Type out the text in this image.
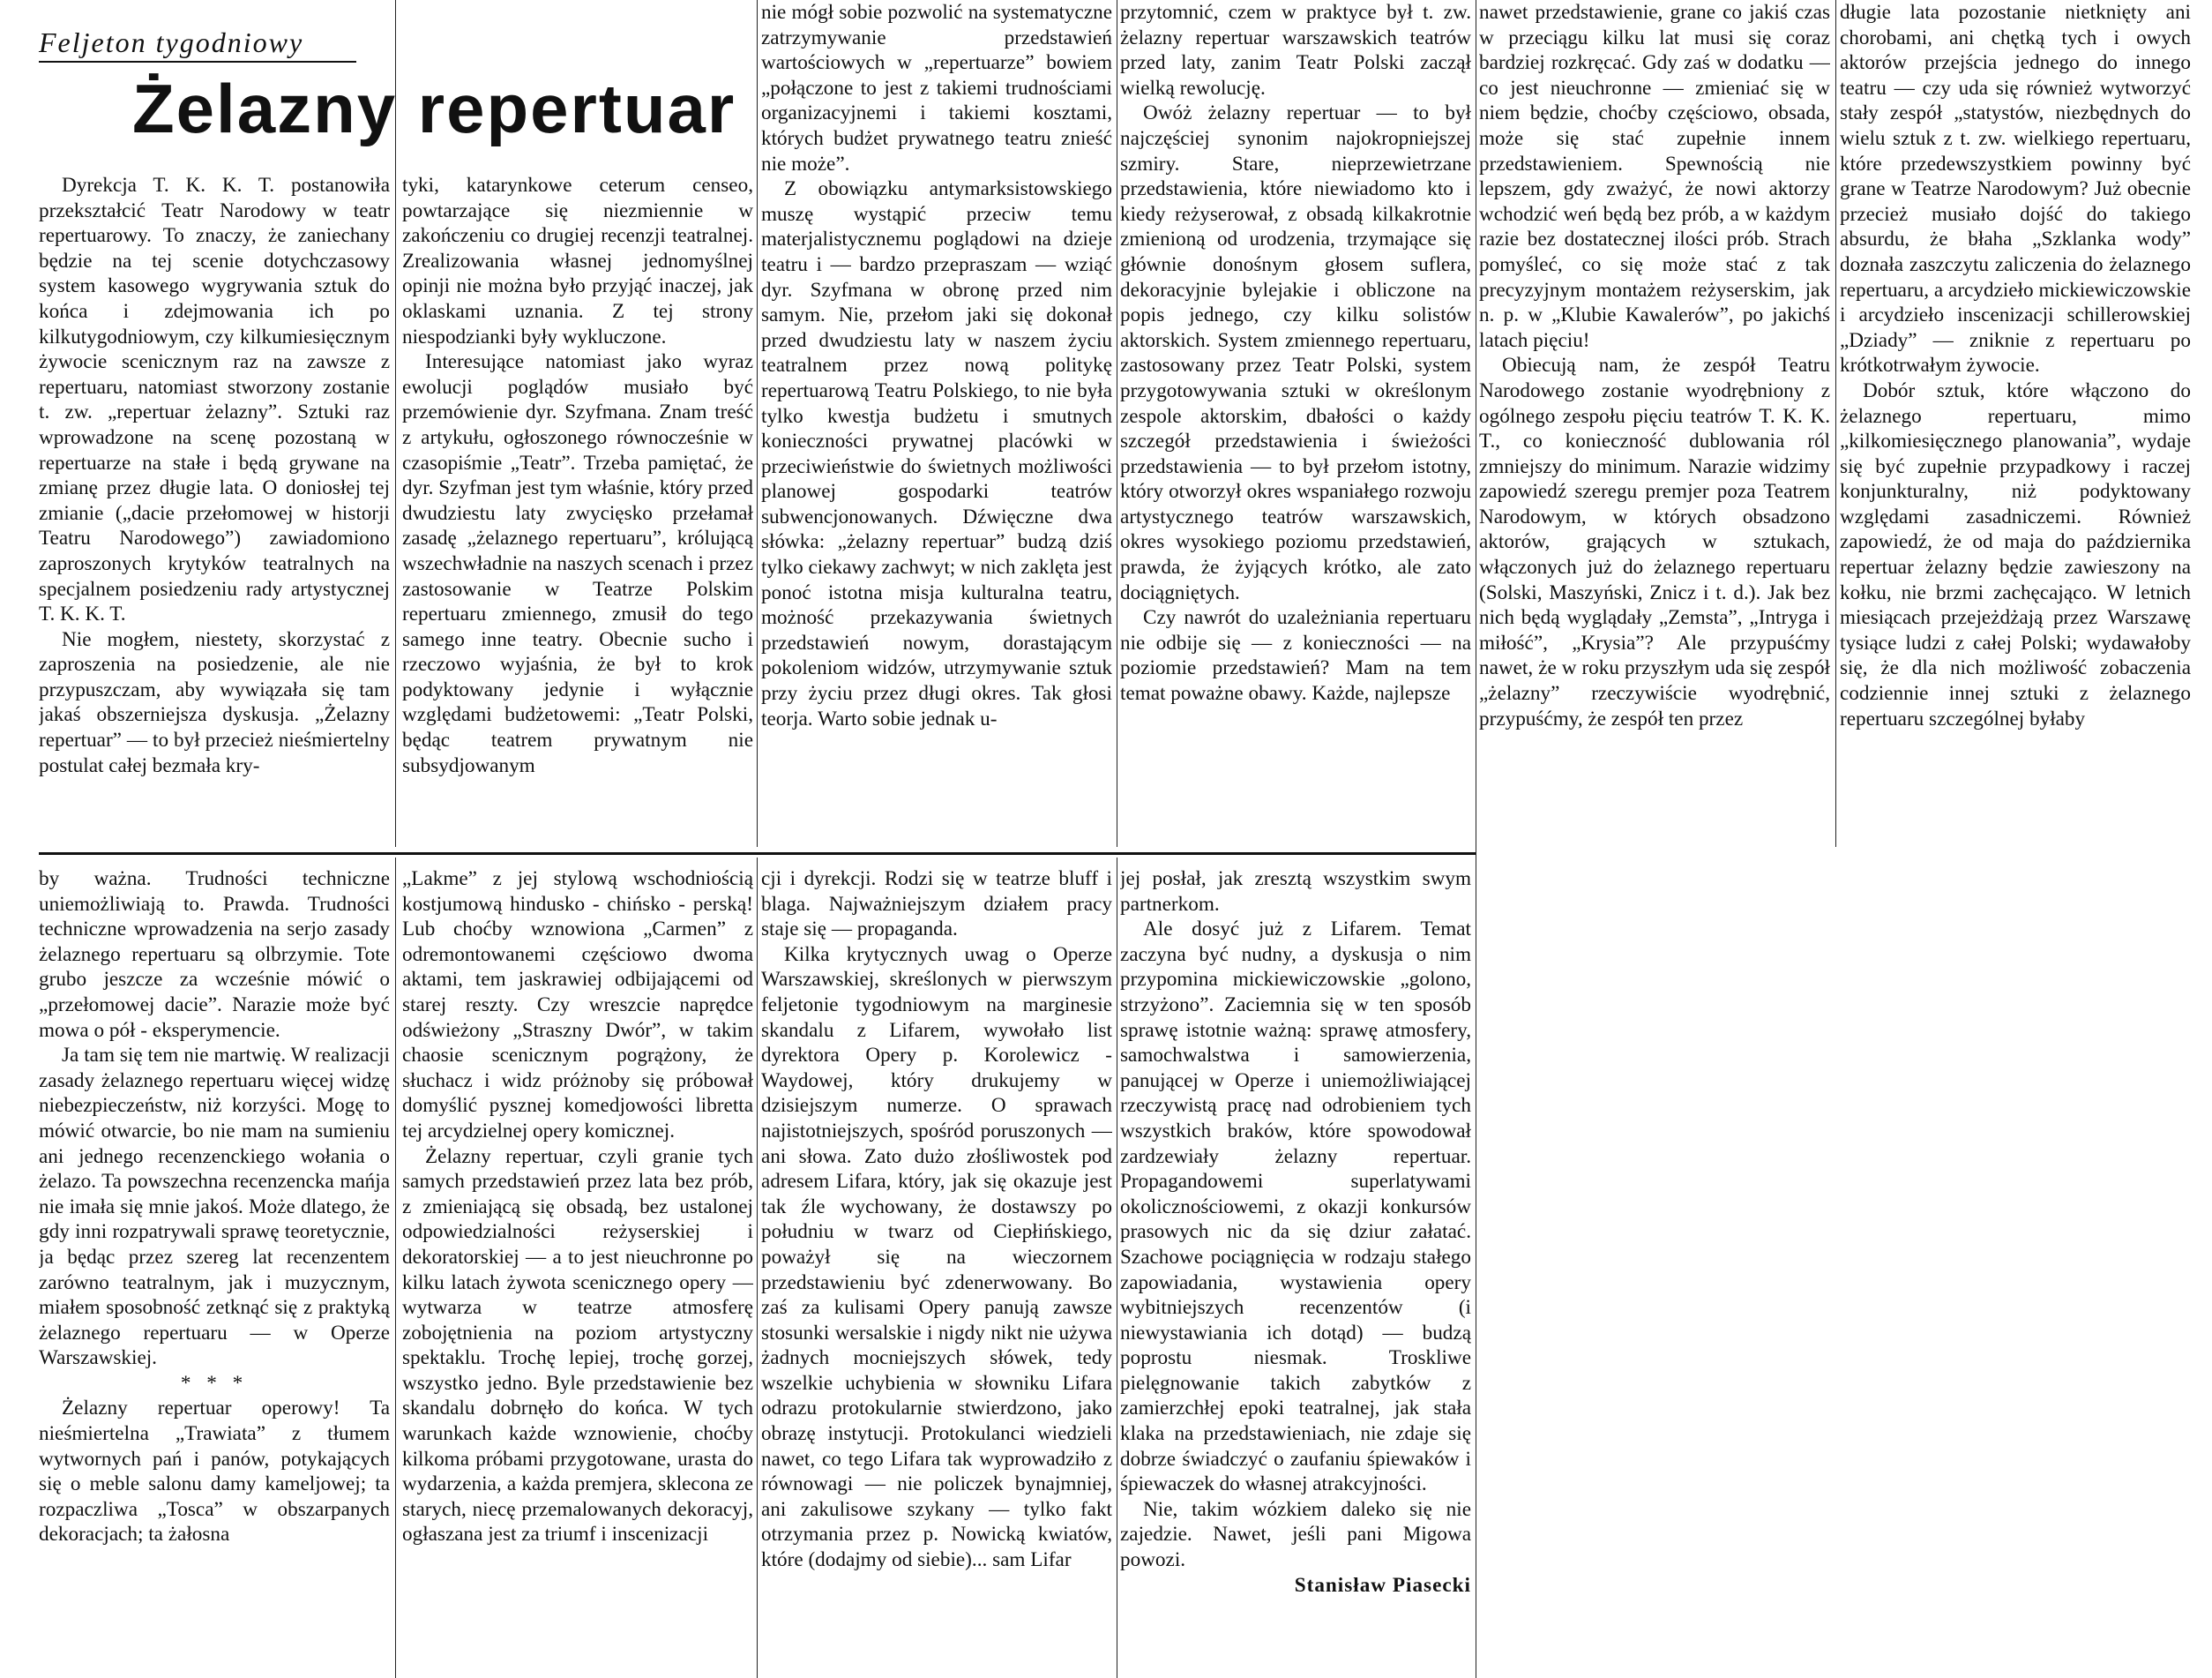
Feljeton tygodniowy
Żelazny repertuar

Dyrekcja T. K. K. T. postanowiła przekształcić Teatr Narodowy w teatr repertuarowy. To znaczy, że zaniechany będzie na tej scenie dotychczasowy system kasowego wygrywania sztuk do końca i zdejmowania ich po kilkutygodniowym, czy kilkumiesięcznym żywocie scenicznym raz na zawsze z repertuaru, natomiast stworzony zostanie t. zw. „repertuar żelazny”. Sztuki raz wprowadzone na scenę pozostaną w repertuarze na stałe i będą grywane na zmianę przez długie lata. O doniosłej tej zmianie („dacie przełomowej w historji Teatru Narodowego”) zawiadomiono zaproszonych krytyków teatralnych na specjalnem posiedzeniu rady artystycznej T. K. K. T.

Nie mogłem, niestety, skorzystać z zaproszenia na posiedzenie, ale nie przypuszczam, aby wywiązała się tam jakaś obszerniejsza dyskusja. „Żelazny repertuar” — to był przecież nieśmiertelny postulat całej bezmała kry-

tyki, katarynkowe ceterum censeo, powtarzające się niezmiennie w zakończeniu co drugiej recenzji teatralnej. Zrealizowania własnej jednomyślnej opinji nie można było przyjąć inaczej, jak oklaskami uznania. Z tej strony niespodzianki były wykluczone.

Interesujące natomiast jako wyraz ewolucji poglądów musiało być przemówienie dyr. Szyfmana. Znam treść z artykułu, ogłoszonego równocześnie w czasopiśmie „Teatr”. Trzeba pamiętać, że dyr. Szyfman jest tym właśnie, który przed dwudziestu laty zwycięsko przełamał zasadę „żelaznego repertuaru”, królującą wszechwładnie na naszych scenach i przez zastosowanie w Teatrze Polskim repertuaru zmiennego, zmusił do tego samego inne teatry. Obecnie sucho i rzeczowo wyjaśnia, że był to krok podyktowany jedynie i wyłącznie względami budżetowemi: „Teatr Polski, będąc teatrem prywatnym nie subsydjowanym

nie mógł sobie pozwolić na systematyczne zatrzymywanie przedstawień wartościowych w „repertuarze” bowiem „połączone to jest z takiemi trudnościami organizacyjnemi i takiemi kosztami, których budżet prywatnego teatru znieść nie może”.

Z obowiązku antymarksistowskiego muszę wystąpić przeciw temu materjalistycznemu poglądowi na dzieje teatru i — bardzo przepraszam — wziąć dyr. Szyfmana w obronę przed nim samym. Nie, przełom jaki się dokonał przed dwudziestu laty w naszem życiu teatralnem przez nową politykę repertuarową Teatru Polskiego, to nie była tylko kwestja budżetu i smutnych konieczności prywatnej placówki w przeciwieństwie do świetnych możliwości planowej gospodarki teatrów subwencjonowanych. Dźwięczne dwa słówka: „żelazny repertuar” budzą dziś tylko ciekawy zachwyt; w nich zaklęta jest ponoć istotna misja kulturalna teatru, możność przekazywania świetnych przedstawień nowym, dorastającym pokoleniom widzów, utrzymywanie sztuk przy życiu przez długi okres. Tak głosi teorja. Warto sobie jednak u-

przytomnić, czem w praktyce był t. zw. żelazny repertuar warszawskich teatrów przed laty, zanim Teatr Polski zaczął wielką rewolucję.

Owóż żelazny repertuar — to był najczęściej synonim najokropniejszej szmiry. Stare, nieprzewietrzane przedstawienia, które niewiadomo kto i kiedy reżyserował, z obsadą kilkakrotnie zmienioną od urodzenia, trzymające się głównie donośnym głosem suflera, dekoracyjnie bylejakie i obliczone na popis jednego, czy kilku solistów aktorskich. System zmiennego repertuaru, zastosowany przez Teatr Polski, system przygotowywania sztuki w określonym zespole aktorskim, dbałości o każdy szczegół przedstawienia i świeżości przedstawienia — to był przełom istotny, który otworzył okres wspaniałego rozwoju artystycznego teatrów warszawskich, okres wysokiego poziomu przedstawień, prawda, że żyjących krótko, ale zato dociągniętych.

Czy nawrót do uzależniania repertuaru nie odbije się — z konieczności — na poziomie przedstawień? Mam na tem temat poważne obawy. Każde, najlepsze

nawet przedstawienie, grane co jakiś czas w przeciągu kilku lat musi się coraz bardziej rozkręcać. Gdy zaś w dodatku — co jest nieuchronne — zmieniać się w niem będzie, choćby częściowo, obsada, może się stać zupełnie innem przedstawieniem. Spewnością nie lepszem, gdy zważyć, że nowi aktorzy wchodzić weń będą bez prób, a w każdym razie bez dostatecznej ilości prób. Strach pomyśleć, co się może stać z tak precyzyjnym montażem reżyserskim, jak n. p. w „Klubie Kawalerów”, po jakichś latach pięciu!

Obiecują nam, że zespół Teatru Narodowego zostanie wyodrębniony z ogólnego zespołu pięciu teatrów T. K. K. T., co konieczność dublowania ról zmniejszy do minimum. Narazie widzimy zapowiedź szeregu premjer poza Teatrem Narodowym, w których obsadzono aktorów, grających w sztukach, włączonych już do żelaznego repertuaru (Solski, Maszyński, Znicz i t. d.). Jak bez nich będą wyglądały „Zemsta”, „Intryga i miłość”, „Krysia”? Ale przypuśćmy nawet, że w roku przyszłym uda się zespół „żelazny” rzeczywiście wyodrębnić, przypuśćmy, że zespół ten przez

długie lata pozostanie nietknięty ani chorobami, ani chętką tych i owych aktorów przejścia jednego do innego teatru — czy uda się również wytworzyć stały zespół „statystów, niezbędnych do wielu sztuk z t. zw. wielkiego repertuaru, które przedewszystkiem powinny być grane w Teatrze Narodowym? Już obecnie przecież musiało dojść do takiego absurdu, że błaha „Szklanka wody” doznała zaszczytu zaliczenia do żelaznego repertuaru, a arcydzieło mickiewiczowskie i arcydzieło inscenizacji schillerowskiej „Dziady” — zniknie z repertuaru po krótkotrwałym żywocie.

Dobór sztuk, które włączono do żelaznego repertuaru, mimo „kilkomiesięcznego planowania”, wydaje się być zupełnie przypadkowy i raczej konjunkturalny, niż podyktowany względami zasadniczemi. Również zapowiedź, że od maja do października repertuar żelazny będzie zawieszony na kołku, nie brzmi zachęcająco. W letnich miesiącach przejeżdżają przez Warszawę tysiące ludzi z całej Polski; wydawałoby się, że dla nich możliwość zobaczenia codziennie innej sztuki z żelaznego repertuaru szczególnej byłaby

by ważna. Trudności techniczne uniemożliwiają to. Prawda. Trudności techniczne wprowadzenia na serjo zasady żelaznego repertuaru są olbrzymie. Tote grubo jeszcze za wcześnie mówić o „przełomowej dacie”. Narazie może być mowa o pół - eksperymencie.

Ja tam się tem nie martwię. W realizacji zasady żelaznego repertuaru więcej widzę niebezpieczeństw, niż korzyści. Mogę to mówić otwarcie, bo nie mam na sumieniu ani jednego recenzenckiego wołania o żelazo. Ta powszechna recenzencka mańja nie imała się mnie jakoś. Może dlatego, że gdy inni rozpatrywali sprawę teoretycznie, ja będąc przez szereg lat recenzentem zarówno teatralnym, jak i muzycznym, miałem sposobność zetknąć się z praktyką żelaznego repertuaru — w Operze Warszawskiej.

* * *

Żelazny repertuar operowy! Ta nieśmiertelna „Trawiata” z tłumem wytwornych pań i panów, potykających się o meble salonu damy kameljowej; ta rozpaczliwa „Tosca” w obszarpanych dekoracjach; ta żałosna

„Lakme” z jej stylową wschodniością kostjumową hindusko - chińsko - perską! Lub choćby wznowiona „Carmen” z odremontowanemi częściowo dwoma aktami, tem jaskrawiej odbijającemi od starej reszty. Czy wreszcie naprędce odświeżony „Straszny Dwór”, w takim chaosie scenicznym pogrążony, że słuchacz i widz próżnoby się próbował domyślić pysznej komedjowości libretta tej arcydzielnej opery komicznej.

Żelazny repertuar, czyli granie tych samych przedstawień przez lata bez prób, z zmieniającą się obsadą, bez ustalonej odpowiedzialności reżyserskiej i dekoratorskiej — a to jest nieuchronne po kilku latach żywota scenicznego opery — wytwarza w teatrze atmosferę zobojętnienia na poziom artystyczny spektaklu. Trochę lepiej, trochę gorzej, wszystko jedno. Byle przedstawienie bez skandalu dobrnęło do końca. W tych warunkach każde wznowienie, choćby kilkoma próbami przygotowane, urasta do wydarzenia, a każda premjera, sklecona ze starych, niecę przemalowanych dekoracyj, ogłaszana jest za triumf i inscenizacji

cji i dyrekcji. Rodzi się w teatrze bluff i blaga. Najważniejszym działem pracy staje się — propaganda.

Kilka krytycznych uwag o Operze Warszawskiej, skreślonych w pierwszym feljetonie tygodniowym na marginesie skandalu z Lifarem, wywołało list dyrektora Opery p. Korolewicz - Waydowej, który drukujemy w dzisiejszym numerze. O sprawach najistotniejszych, spośród poruszonych — ani słowa. Zato dużo złośliwostek pod adresem Lifara, który, jak się okazuje jest tak źle wychowany, że dostawszy po południu w twarz od Ciepłińskiego, poważył się na wieczornem przedstawieniu być zdenerwowany. Bo zaś za kulisami Opery panują zawsze stosunki wersalskie i nigdy nikt nie używa żadnych mocniejszych słówek, tedy wszelkie uchybienia w słowniku Lifara odrazu protokularnie stwierdzono, jako obrazę instytucji. Protokulanci wiedzieli nawet, co tego Lifara tak wyprowadziło z równowagi — nie policzek bynajmniej, ani zakulisowe szykany — tylko fakt otrzymania przez p. Nowicką kwiatów, które (dodajmy od siebie)... sam Lifar

jej posłał, jak zresztą wszystkim swym partnerkom.

Ale dosyć już z Lifarem. Temat zaczyna być nudny, a dyskusja o nim przypomina mickiewiczowskie „golono, strzyżono”. Zaciemnia się w ten sposób sprawę istotnie ważną: sprawę atmosfery, samochwalstwa i samowierzenia, panującej w Operze i uniemożliwiającej rzeczywistą pracę nad odrobieniem tych wszystkich braków, które spowodował zardzewiały żelazny repertuar. Propagandowemi superlatywami okolicznościowemi, z okazji konkursów prasowych nic da się dziur załatać. Szachowe pociągnięcia w rodzaju stałego zapowiadania, wystawienia opery wybitniejszych recenzentów (i niewystawiania ich dotąd) — budzą poprostu niesmak. Troskliwe pielęgnowanie takich zabytków z zamierzchłej epoki teatralnej, jak stała klaka na przedstawieniach, nie zdaje się dobrze świadczyć o zaufaniu śpiewaków i śpiewaczek do własnej atrakcyjności.

Nie, takim wózkiem daleko się nie zajedzie. Nawet, jeśli pani Migowa powozi.

Stanisław Piasecki
